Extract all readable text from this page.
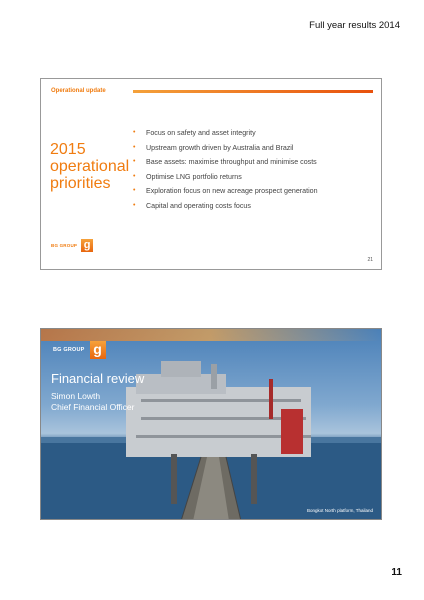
Full year results 2014
Operational update
2015 operational priorities
• Focus on safety and asset integrity
• Upstream growth driven by Australia and Brazil
• Base assets: maximise throughput and minimise costs
• Optimise LNG portfolio returns
• Exploration focus on new acreage prospect generation
• Capital and operating costs focus
BG GROUP g
21
BG GROUP g
Financial review
Simon Lowth
Chief Financial Officer
Bongkot North platform, Thailand
11
